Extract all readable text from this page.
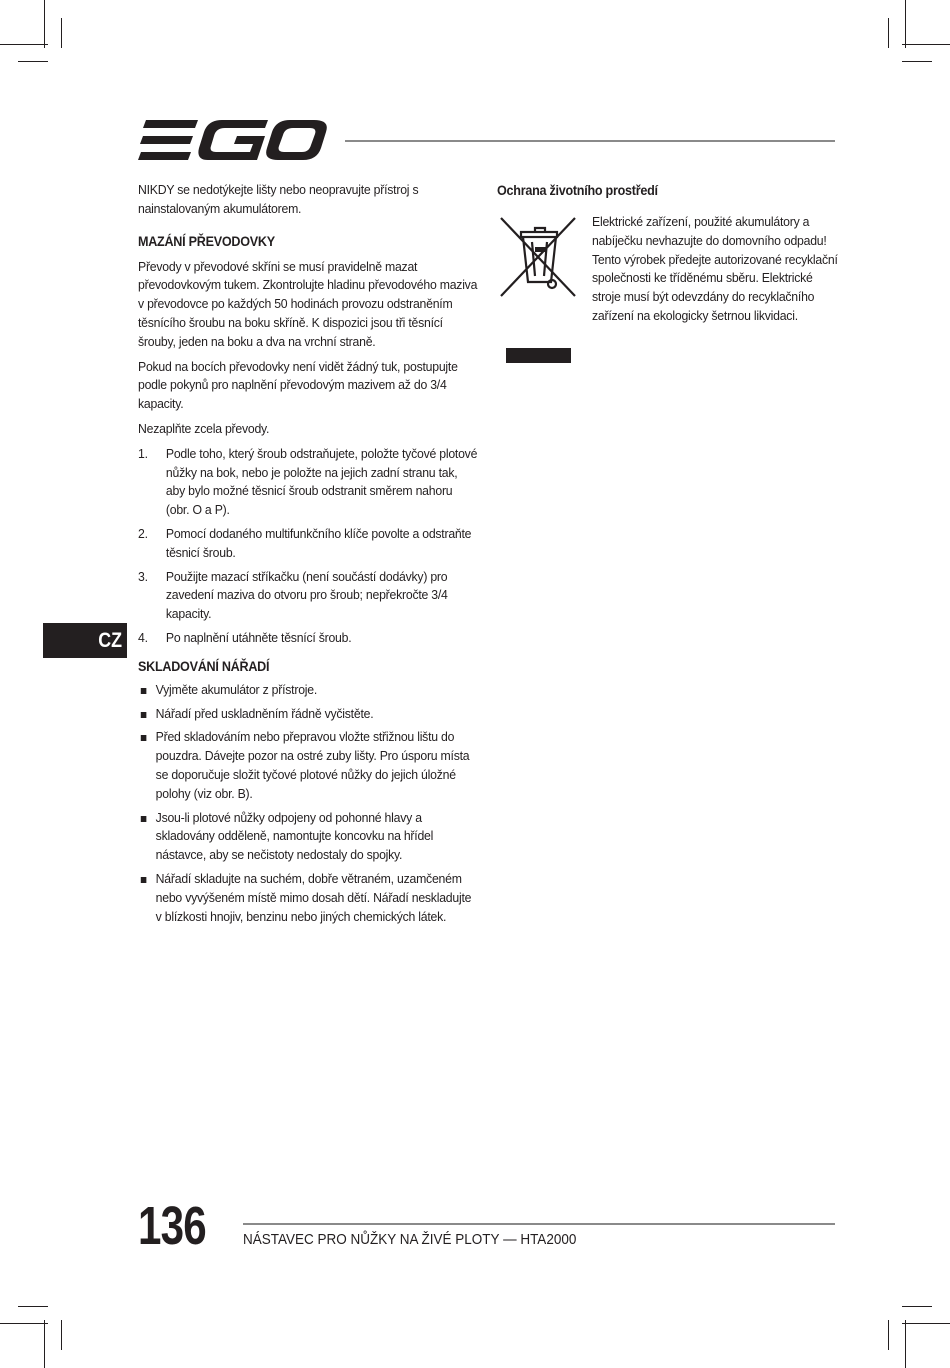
NIKDY se nedotýkejte lišty nebo neopravujte přístroj s nainstalovaným akumulátorem.

MAZÁNÍ PŘEVODOVKY

Převody v převodové skříni se musí pravidelně mazat převodovkovým tukem. Zkontrolujte hladinu převodového maziva v převodovce po každých 50 hodinách provozu odstraněním těsnícího šroubu na boku skříně. K dispozici jsou tři těsnící šrouby, jeden na boku a dva na vrchní straně.

Pokud na bocích převodovky není vidět žádný tuk, postupujte podle pokynů pro naplnění převodovým mazivem až do 3/4 kapacity.

Nezaplňte zcela převody.

1. Podle toho, který šroub odstraňujete, položte tyčové plotové nůžky na bok, nebo je položte na jejich zadní stranu tak, aby bylo možné těsnicí šroub odstranit směrem nahoru (obr. O a P).
2. Pomocí dodaného multifunkčního klíče povolte a odstraňte těsnicí šroub.
3. Použijte mazací stříkačku (není součástí dodávky) pro zavedení maziva do otvoru pro šroub; nepřekročte 3/4 kapacity.
4. Po naplnění utáhněte těsnící šroub.
SKLADOVÁNÍ NÁŘADÍ
Vyjměte akumulátor z přístroje.
Nářadí před uskladněním řádně vyčistěte.
Před skladováním nebo přepravou vložte střižnou lištu do pouzdra. Dávejte pozor na ostré zuby lišty. Pro úsporu místa se doporučuje složit tyčové plotové nůžky do jejich úložné polohy (viz obr. B).
Jsou-li plotové nůžky odpojeny od pohonné hlavy a skladovány odděleně, namontujte koncovku na hřídel nástavce, aby se nečistoty nedostaly do spojky.
Nářadí skladujte na suchém, dobře větraném, uzamčeném nebo vyvýšeném místě mimo dosah dětí. Nářadí neskladujte v blízkosti hnojiv, benzinu nebo jiných chemických látek.
Ochrana životního prostředí

Elektrické zařízení, použité akumulátory a nabíječku nevhazujte do domovního odpadu! Tento výrobek předejte autorizované recyklační společnosti ke tříděnému sběru. Elektrické stroje musí být odevzdány do recyklačního zařízení na ekologicky šetrnou likvidaci.

CZ
136 NÁSTAVEC PRO NŮŽKY NA ŽIVÉ PLOTY — HTA2000
